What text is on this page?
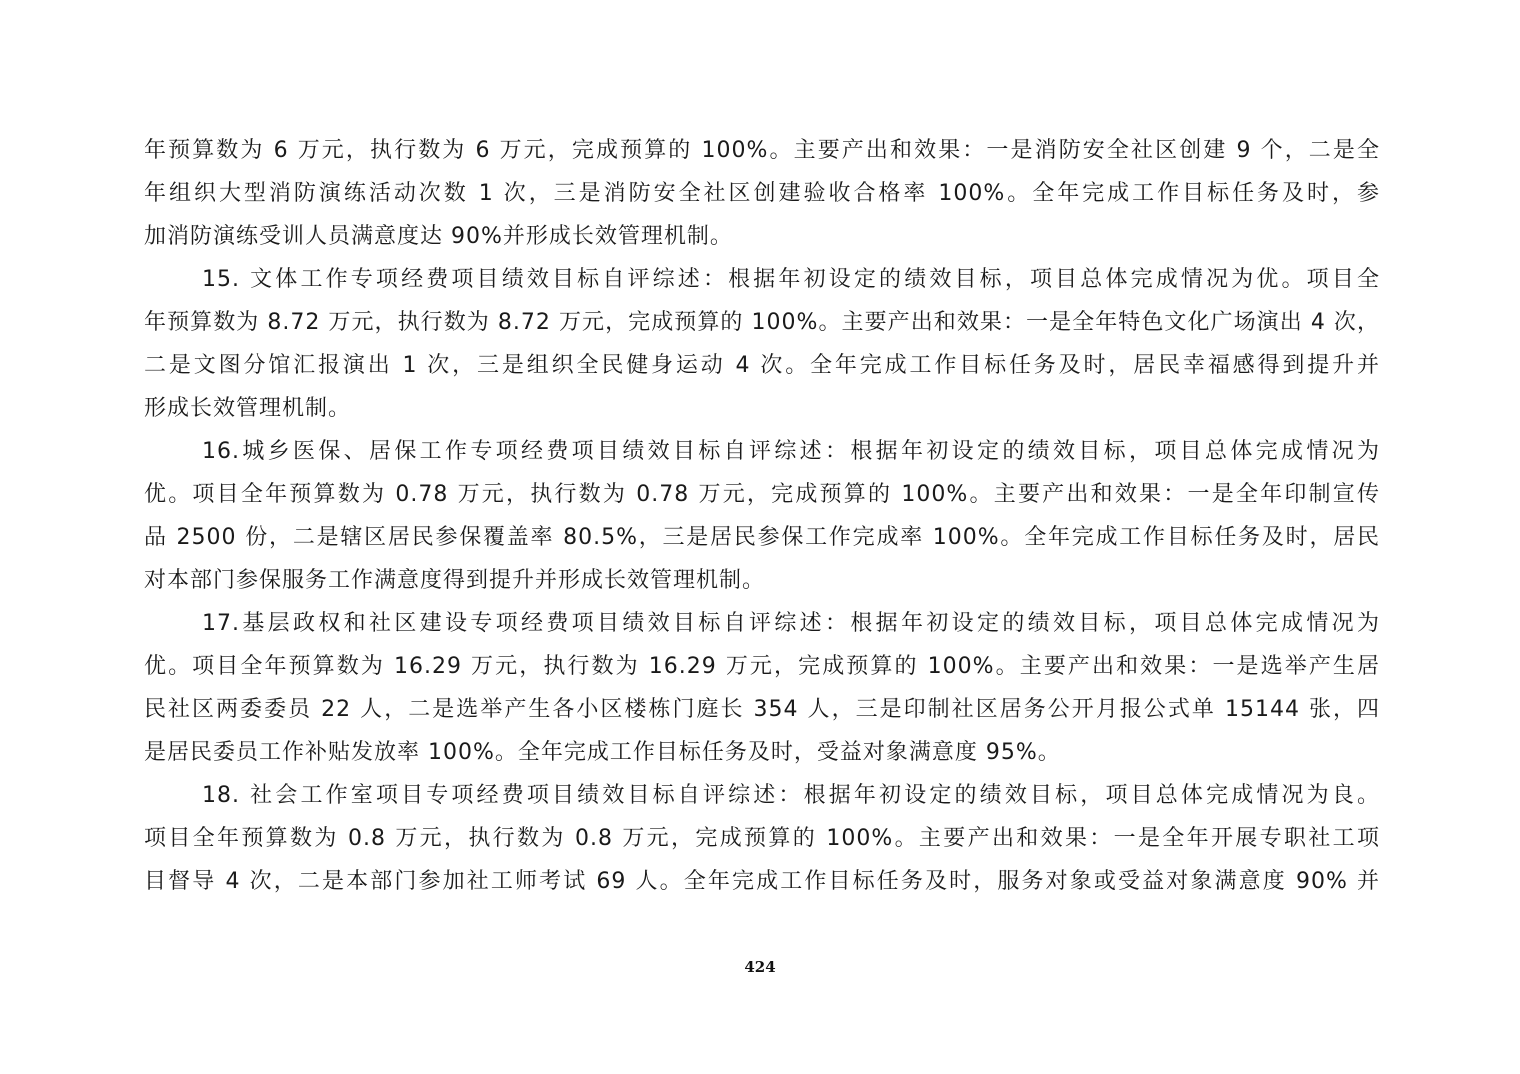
年预算数为 6 万元，执行数为 6 万元，完成预算的 100%。主要产出和效果：一是消防安全社区创建 9 个，二是全
年组织大型消防演练活动次数 1 次，三是消防安全社区创建验收合格率 100%。全年完成工作目标任务及时，参
加消防演练受训人员满意度达 90%并形成长效管理机制。

15. 文体工作专项经费项目绩效目标自评综述：根据年初设定的绩效目标，项目总体完成情况为优。项目全
年预算数为 8.72 万元，执行数为 8.72 万元，完成预算的 100%。主要产出和效果：一是全年特色文化广场演出 4 次，
二是文图分馆汇报演出 1 次，三是组织全民健身运动 4 次。全年完成工作目标任务及时，居民幸福感得到提升并
形成长效管理机制。

16.城乡医保、居保工作专项经费项目绩效目标自评综述：根据年初设定的绩效目标，项目总体完成情况为
优。项目全年预算数为 0.78 万元，执行数为 0.78 万元，完成预算的 100%。主要产出和效果：一是全年印制宣传
品 2500 份，二是辖区居民参保覆盖率 80.5%，三是居民参保工作完成率 100%。全年完成工作目标任务及时，居民
对本部门参保服务工作满意度得到提升并形成长效管理机制。

17.基层政权和社区建设专项经费项目绩效目标自评综述：根据年初设定的绩效目标，项目总体完成情况为
优。项目全年预算数为 16.29 万元，执行数为 16.29 万元，完成预算的 100%。主要产出和效果：一是选举产生居
民社区两委委员 22 人，二是选举产生各小区楼栋门庭长 354 人，三是印制社区居务公开月报公式单 15144 张，四
是居民委员工作补贴发放率 100%。全年完成工作目标任务及时，受益对象满意度 95%。

18. 社会工作室项目专项经费项目绩效目标自评综述：根据年初设定的绩效目标，项目总体完成情况为良。
项目全年预算数为 0.8 万元，执行数为 0.8 万元，完成预算的 100%。主要产出和效果：一是全年开展专职社工项
目督导 4 次，二是本部门参加社工师考试 69 人。全年完成工作目标任务及时，服务对象或受益对象满意度 90% 并

424
